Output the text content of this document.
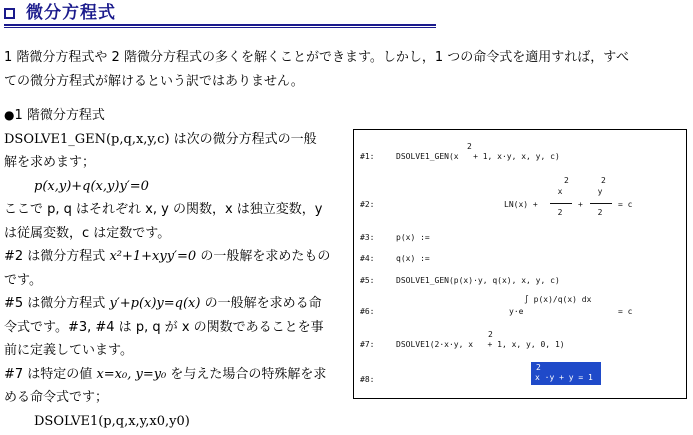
微分方程式
1 階微分方程式や 2 階微分方程式の多くを解くことができます。しかし，1 つの命令式を適用すれば，すべ
ての微分方程式が解けるという訳ではありません。
●1 階微分方程式
DSOLVE1_GEN(p,q,x,y,c) は次の微分方程式の一般
解を求めます；
p(x,y)+q(x,y)y′=0
ここで p, q はそれぞれ x, y の関数，x は独立変数，y
は従属変数，c は定数です。
#2 は微分方程式 x²+1+xyy′=0 の一般解を求めたもの
です。
#5 は微分方程式 y′+p(x)y=q(x) の一般解を求める命
令式です。#3, #4 は p, q が x の関数であることを事
前に定義しています。
#7 は特定の値 x=x₀, y=y₀ を与えた場合の特殊解を求
める命令式です；
DSOLVE1(p,q,x,y,x0,y0)
#1:
2
DSOLVE1_GEN(x   + 1, x·y, x, y, c)
#2:	LN(x) +
2
x
2
+
2
y
2
= c
#3:	p(x) :=
#4:	q(x) :=
#5:	DSOLVE1_GEN(p(x)·y, q(x), x, y, c)
#6:
∫ p(x)/q(x) dx
y·e	= c
#7:
2
DSOLVE1(2·x·y, x   + 1, x, y, 0, 1)
#8:
2
x ·y + y = 1
